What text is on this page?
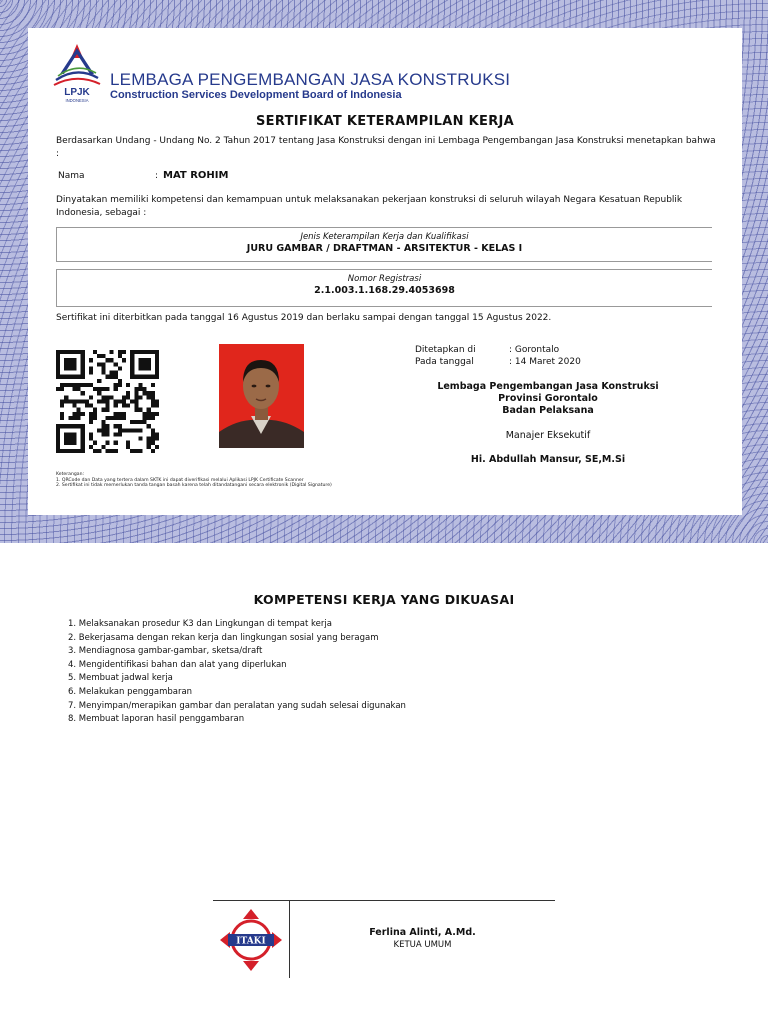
LPJK
INDONESIA
LEMBAGA PENGEMBANGAN JASA KONSTRUKSI
Construction Services Development Board of Indonesia
SERTIFIKAT KETERAMPILAN KERJA
Berdasarkan Undang - Undang No. 2 Tahun 2017 tentang Jasa Konstruksi dengan ini Lembaga Pengembangan Jasa Konstruksi menetapkan bahwa :
Nama	: MAT ROHIM
Dinyatakan memiliki kompetensi dan kemampuan untuk melaksanakan pekerjaan konstruksi di seluruh wilayah Negara Kesatuan Republik Indonesia, sebagai :
Jenis Keterampilan Kerja dan Kualifikasi
JURU GAMBAR / DRAFTMAN - ARSITEKTUR - KELAS I
Nomor Registrasi
2.1.003.1.168.29.4053698
Sertifikat ini diterbitkan pada tanggal 16 Agustus 2019 dan berlaku sampai dengan tanggal 15 Agustus 2022.
Ditetapkan di	: Gorontalo
Pada tanggal	: 14 Maret 2020
Lembaga Pengembangan Jasa Konstruksi
Provinsi Gorontalo
Badan Pelaksana
Manajer Eksekutif
Hi. Abdullah Mansur, SE,M.Si
Keterangan:
1. QRCode dan Data yang tertera dalam SKTK ini dapat diverifikasi melalui Aplikasi LPJK Certificate Scanner
2. Sertifikat ini tidak memerlukan tanda tangan basah karena telah ditandatangani secara elektronik (Digital Signature)
KOMPETENSI KERJA YANG DIKUASAI
1. Melaksanakan prosedur K3 dan Lingkungan di tempat kerja
2. Bekerjasama dengan rekan kerja dan lingkungan sosial yang beragam
3. Mendiagnosa gambar-gambar, sketsa/draft
4. Mengidentifikasi bahan dan alat yang diperlukan
5. Membuat jadwal kerja
6. Melakukan penggambaran
7. Menyimpan/merapikan gambar dan peralatan yang sudah selesai digunakan
8. Membuat laporan hasil penggambaran
ITAKI
Ferlina Alinti, A.Md.
KETUA UMUM
